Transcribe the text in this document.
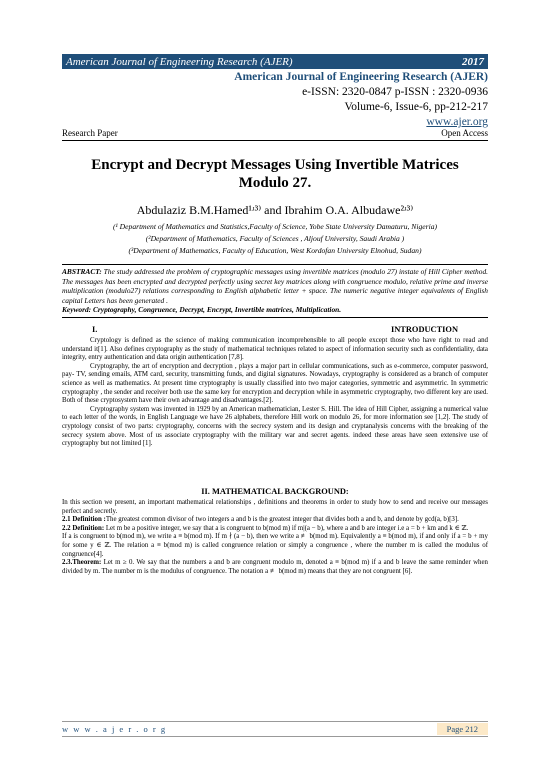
American Journal of Engineering Research (AJER)	2017
American Journal of Engineering Research (AJER)
e-ISSN: 2320-0847 p-ISSN : 2320-0936
Volume-6, Issue-6, pp-212-217
www.ajer.org
Research Paper	Open Access
Encrypt and Decrypt Messages Using Invertible Matrices
Modulo 27.
Abdulaziz B.M.Hamed¹ʴ³⁾ and Ibrahim O.A. Albudawe²ʴ³⁾
(¹ Department of Mathematics and Statistics,Faculty of Science, Yobe State University Damaturu, Nigeria)
(²Department of Mathematics, Faculty of Sciences , Aljouf University, Saudi Arabia )
(³Department of Mathematics, Faculty of Education, West Kordofan University Elnohud, Sudan)
ABSTRACT: The study addressed the problem of cryptographic messages using invertible matrices (modulo 27) instate of Hill Cipher method. The messages has been encrypted and decrypted perfectly using secret key matrices along with congruence modulo, relative prime and inverse multiplication (modulo27) relations corresponding to English alphabetic letter + space. The numeric negative integer equivalents of English capital Letters has been generated .
Keyword: Cryptography, Congruence, Decrypt, Encrypt, Invertible matrices, Multiplication.
I.	INTRODUCTION

Cryptology is defined as the science of making communication incomprehensible to all people except those who have right to read and understand it[1]. Also defines cryptography as the study of mathematical techniques related to aspect of information security such as confidentiality, data integrity, entry authentication and data origin authentication [7,8].

Cryptography, the art of encryption and decryption , plays a major part in cellular communications, such as e-commerce, computer password, pay- TV, sending emails, ATM card, security, transmitting funds, and digital signatures. Nowadays, cryptography is considered as a branch of computer science as well as mathematics. At present time cryptography is usually classified into two major categories, symmetric and asymmetric. In symmetric cryptography , the sender and receiver both use the same key for encryption and decryption while in asymmetric cryptography, two different key are used. Both of these cryptosystem have their own advantage and disadvantages.[2].

Cryptography system was invented in 1929 by an American mathematician, Lester S. Hill. The idea of Hill Cipher, assigning a numerical value to each letter of the words, in English Language we have 26 alphabets, therefore Hill work on modulo 26, for more information see [1,2]. The study of cryptology consist of two parts: cryptography, concerns with the secrecy system and its design and cryptanalysis concerns with the breaking of the secrecy system above. Most of us associate cryptography with the military war and secret agents. indeed these areas have seen extensive use of cryptography but not limited [1].

II. MATHEMATICAL BACKGROUND:

In this section we present, an important mathematical relationships , definitions and theorems in order to study how to send and receive our messages perfect and secretly.

2.1 Definition :The greatest common divisor of two integers a and b is the greatest integer that divides both a and b, and denote by gcd(a, b)[3].

2.2 Definition: Let m be a positive integer, we say that a is congruent to b(mod m) if m|(a − b), where a and b are integer i.e a = b + km and k ∈ ℤ.

If a is congruent to b(mod m), we write a ≡ b(mod m). If m ∤ (a − b), then we write a ≢ b(mod m). Equivalently a ≡ b(mod m), if and only if a = b + my for some y ∈ ℤ. The relation a ≡ b(mod m) is called congruence relation or simply a congruence , where the number m is called the modulus of congruence[4].

2.3.Theorem: Let m ≥ 0. We say that the numbers a and b are congruent modulo m, denoted a ≡ b(mod m) if a and b leave the same reminder when divided by m. The number m is the modulus of congruence. The notation a ≢ b(mod m) means that they are not congruent [6].

w w w . a j e r . o r g	Page 212
